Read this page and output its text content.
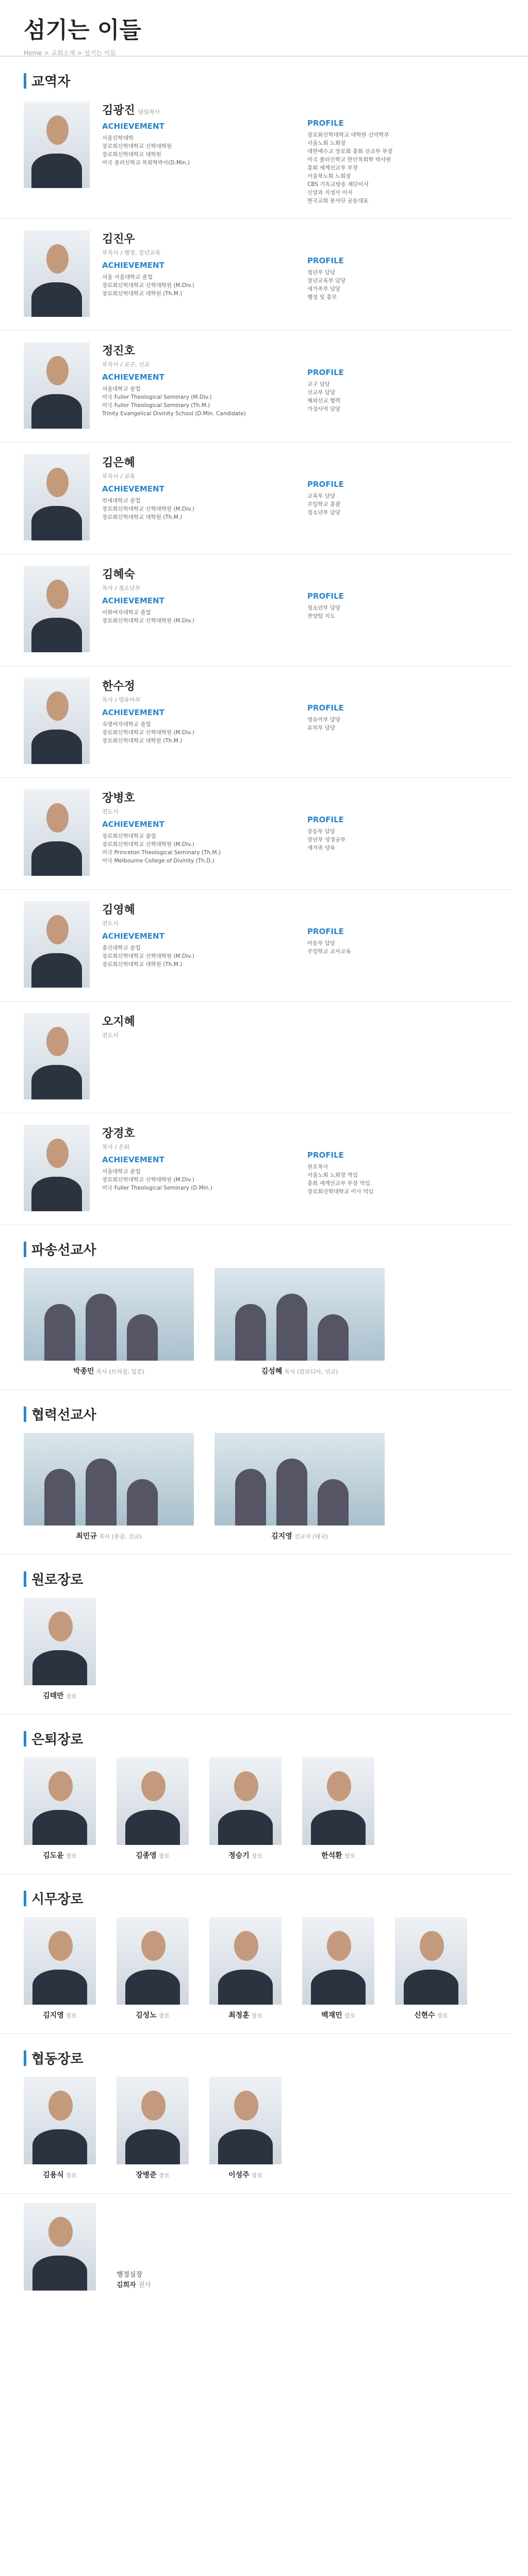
섬기는 이들
Home > 교회소개 > 섬기는 이들
교역자
김광진 담임목사
ACHIEVEMENT
서울신학대학
장로회신학대학교 신학대학원
장로회신학대학교 대학원
미국 풀러신학교 목회학박사(D.Min.)

PROFILE
장로회신학대학교 대학원 신약학부
서울노회 노회장
대한예수교 장로회 총회 선교부 부장
미국 풀러신학교 한인목회학 박사원
총회 세계선교부 부장
서울북노회 노회장
CBS 기독교방송 재단이사
신앙과 지성사 이사
한국교회 봉사단 공동대표
김진우
부목사 / 행정, 장년교육
ACHIEVEMENT
서울 서울대학교 졸업
장로회신학대학교 신학대학원 (M.Div.)
장로회신학대학교 대학원 (Th.M.)

PROFILE
청년부 담당
장년교육부 담당
새가족부 담당
행정 및 총무
정진호
부목사 / 교구, 선교
ACHIEVEMENT
서울대학교 졸업
미국 Fuller Theological Seminary (M.Div.)
미국 Fuller Theological Seminary (Th.M.)
Trinity Evangelical Divinity School (D.Min. Candidate)

PROFILE
교구 담당
선교부 담당
해외선교 협력
가정사역 담당
김은혜
부목사 / 교육
ACHIEVEMENT
연세대학교 졸업
장로회신학대학교 신학대학원 (M.Div.)
장로회신학대학교 대학원 (Th.M.)

PROFILE
교육부 담당
주일학교 총괄
청소년부 담당
김혜숙
목사 / 청소년부
ACHIEVEMENT
이화여자대학교 졸업
장로회신학대학교 신학대학원 (M.Div.)

PROFILE
청소년부 담당
찬양팀 지도
한수정
목사 / 영유아부
ACHIEVEMENT
숙명여자대학교 졸업
장로회신학대학교 신학대학원 (M.Div.)
장로회신학대학교 대학원 (Th.M.)

PROFILE
영유아부 담당
유치부 담당
장병호
전도사
ACHIEVEMENT
장로회신학대학교 졸업
장로회신학대학교 신학대학원 (M.Div.)
미국 Princeton Theological Seminary (Th.M.)
미국 Melbourne College of Divinity (Th.D.)

PROFILE
중등부 담당
장년부 성경공부
새가족 양육
김영혜
전도사
ACHIEVEMENT
총신대학교 졸업
장로회신학대학교 신학대학원 (M.Div.)
장로회신학대학교 대학원 (Th.M.)

PROFILE
아동부 담당
주일학교 교사교육
오지혜
전도사

장경호
목사 / 은퇴
ACHIEVEMENT
서울대학교 졸업
장로회신학대학교 신학대학원 (M.Div.)
미국 Fuller Theological Seminary (D.Min.)

PROFILE
원로목사
서울노회 노회장 역임
총회 세계선교부 부장 역임
장로회신학대학교 이사 역임
파송선교사
박종민 목사 (브라질, 일본)	김성혜 목사 (캄보디아, 선교)
협력선교사
최민규 목사 (몽골, 선교)	김지영 선교사 (태국)
원로장로
김태만 장로
은퇴장로
김도윤 장로	김종영 장로	정승기 장로	한석환 장로
시무장로
김지영 장로	김성노 장로	최정훈 장로	백재민 장로	신현수 장로
협동장로
김용식 장로	장병준 장로	이성주 장로
행정실장
김희자 권사
